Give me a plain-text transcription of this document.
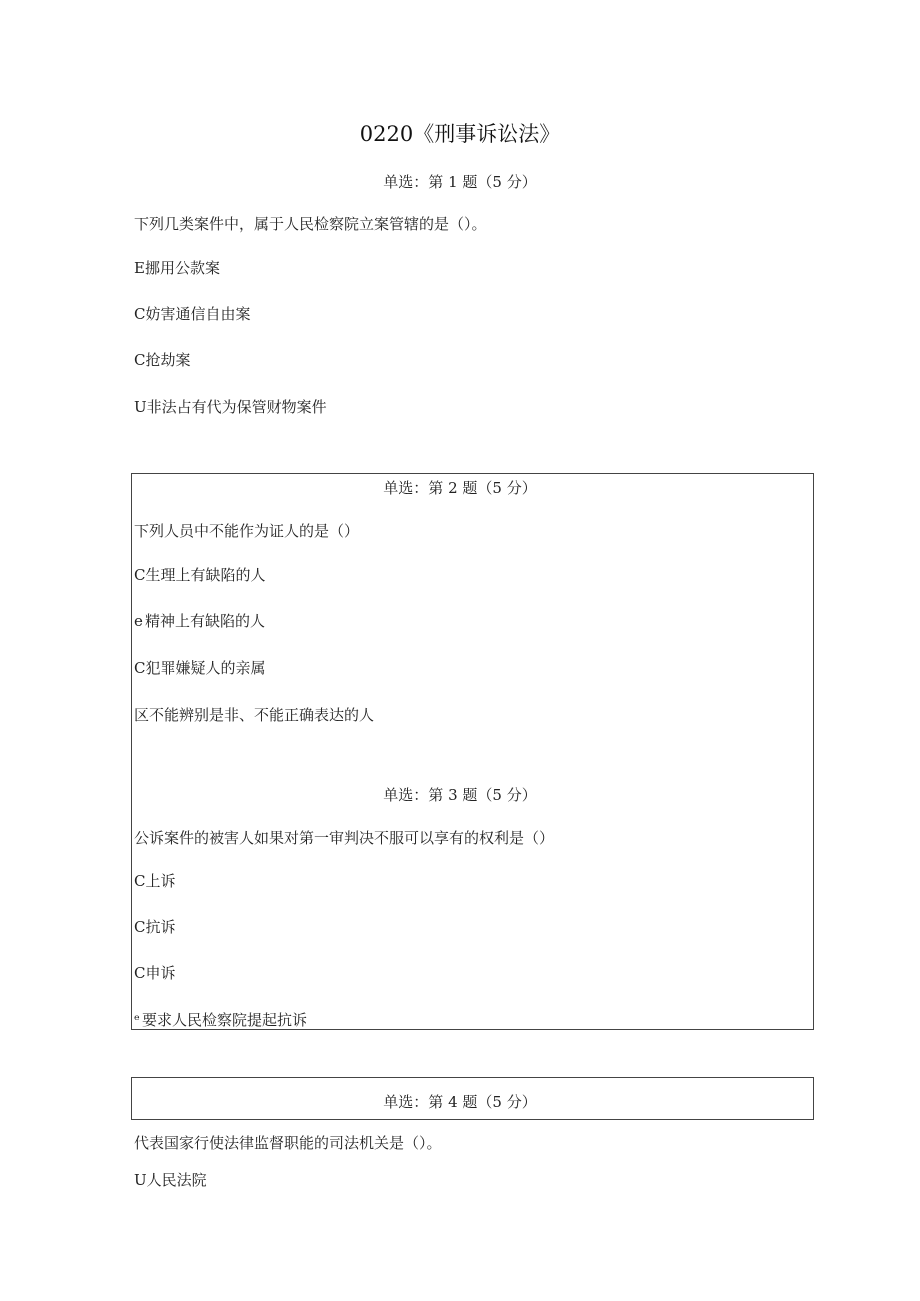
0220《刑事诉讼法》
单选：第 1 题（5 分）
下列几类案件中，属于人民检察院立案管辖的是（）。
E挪用公款案
C妨害通信自由案
C抢劫案
U非法占有代为保管财物案件
单选：第 2 题（5 分）
下列人员中不能作为证人的是（）
C生理上有缺陷的人
e 精神上有缺陷的人
C犯罪嫌疑人的亲属
区不能辨别是非、不能正确表达的人
单选：第 3 题（5 分）
公诉案件的被害人如果对第一审判决不服可以享有的权利是（）
C上诉
C抗诉
C申诉
ᵉ 要求人民检察院提起抗诉
单选：第 4 题（5 分）
代表国家行使法律监督职能的司法机关是（）。
U人民法院
